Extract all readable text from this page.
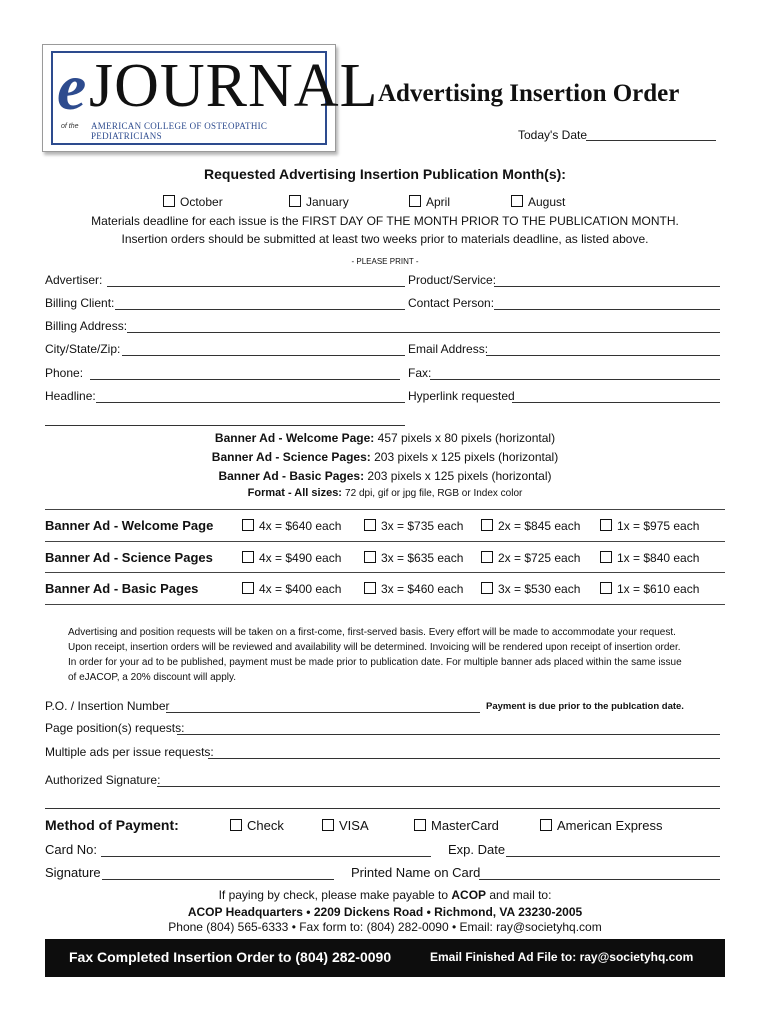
e JOURNAL
of the AMERICAN COLLEGE OF OSTEOPATHIC PEDIATRICIANS
Advertising Insertion Order
Today's Date
Requested Advertising Insertion Publication Month(s):
October	January	April	August
Materials deadline for each issue is the FIRST DAY OF THE MONTH PRIOR TO THE PUBLICATION MONTH.
Insertion orders should be submitted at least two weeks prior to materials deadline, as listed above.
- PLEASE PRINT -
Advertiser:	Product/Service:
Billing Client:	Contact Person:
Billing Address:
City/State/Zip:	Email Address:
Phone:	Fax:
Headline:	Hyperlink requested
Banner Ad - Welcome Page: 457 pixels x 80 pixels (horizontal)
Banner Ad - Science Pages: 203 pixels x 125 pixels (horizontal)
Banner Ad - Basic Pages: 203 pixels x 125 pixels (horizontal)
Format - All sizes: 72 dpi, gif or jpg file, RGB or Index color
Banner Ad - Welcome Page	4x = $640 each	3x = $735 each	2x = $845 each	1x = $975 each
Banner Ad - Science Pages	4x = $490 each	3x = $635 each	2x = $725 each	1x = $840 each
Banner Ad - Basic Pages	4x = $400 each	3x = $460 each	3x = $530 each	1x = $610 each
Advertising and position requests will be taken on a first-come, first-served basis. Every effort will be made to accommodate your request.
Upon receipt, insertion orders will be reviewed and availability will be determined. Invoicing will be rendered upon receipt of insertion order.
In order for your ad to be published, payment must be made prior to publication date. For multiple banner ads placed within the same issue
of eJACOP, a 20% discount will apply.
P.O. / Insertion Number	Payment is due prior to the publcation date.
Page position(s) requests:
Multiple ads per issue requests:
Authorized Signature:
Method of Payment:	Check	VISA	MasterCard	American Express
Card No:	Exp. Date
Signature	Printed Name on Card
If paying by check, please make payable to ACOP and mail to:
ACOP Headquarters • 2209 Dickens Road • Richmond, VA 23230-2005
Phone (804) 565-6333 • Fax form to: (804) 282-0090 • Email: ray@societyhq.com
Fax Completed Insertion Order to (804) 282-0090	Email Finished Ad File to: ray@societyhq.com
